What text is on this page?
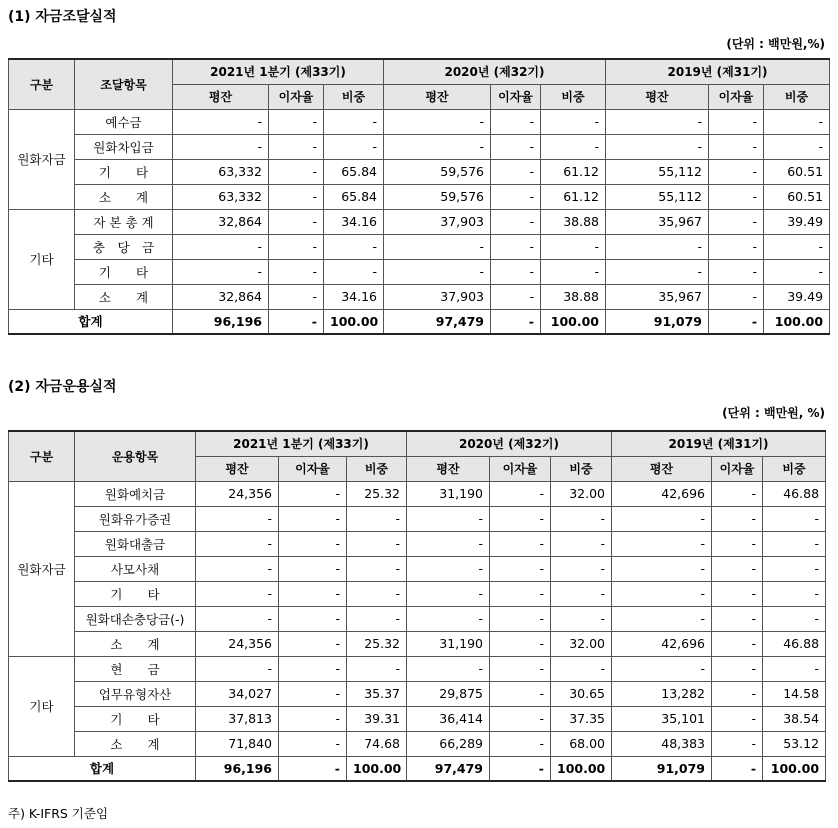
(1) 자금조달실적
(단위 : 백만원,%)
구분	조달항목	2021년 1분기 (제33기)			2020년 (제32기)			2019년 (제31기)		
		평잔	이자율	비중	평잔	이자율	비중	평잔	이자율	비중
원화자금	예수금	-	-	-	-	-	-	-	-	-
	원화차입금	-	-	-	-	-	-	-	-	-
	기　　타	63,332	-	65.84	59,576	-	61.12	55,112	-	60.51
	소　　계	63,332	-	65.84	59,576	-	61.12	55,112	-	60.51
기타	자 본 총 계	32,864	-	34.16	37,903	-	38.88	35,967	-	39.49
	충　당　금	-	-	-	-	-	-	-	-	-
	기　　타	-	-	-	-	-	-	-	-	-
	소　　계	32,864	-	34.16	37,903	-	38.88	35,967	-	39.49
합계		96,196	-	100.00	97,479	-	100.00	91,079	-	100.00
(2) 자금운용실적
(단위 : 백만원, %)
구분	운용항목	2021년 1분기 (제33기)			2020년 (제32기)			2019년 (제31기)		
		평잔	이자율	비중	평잔	이자율	비중	평잔	이자율	비중
원화자금	원화예치금	24,356	-	25.32	31,190	-	32.00	42,696	-	46.88
	원화유가증권	-	-	-	-	-	-	-	-	-
	원화대출금	-	-	-	-	-	-	-	-	-
	사모사채	-	-	-	-	-	-	-	-	-
	기　　타	-	-	-	-	-	-	-	-	-
	원화대손충당금(-)	-	-	-	-	-	-	-	-	-
	소　　계	24,356	-	25.32	31,190	-	32.00	42,696	-	46.88
기타	현　　금	-	-	-	-	-	-	-	-	-
	업무유형자산	34,027	-	35.37	29,875	-	30.65	13,282	-	14.58
	기　　타	37,813	-	39.31	36,414	-	37.35	35,101	-	38.54
	소　　계	71,840	-	74.68	66,289	-	68.00	48,383	-	53.12
합계		96,196	-	100.00	97,479	-	100.00	91,079	-	100.00
주) K-IFRS 기준임
